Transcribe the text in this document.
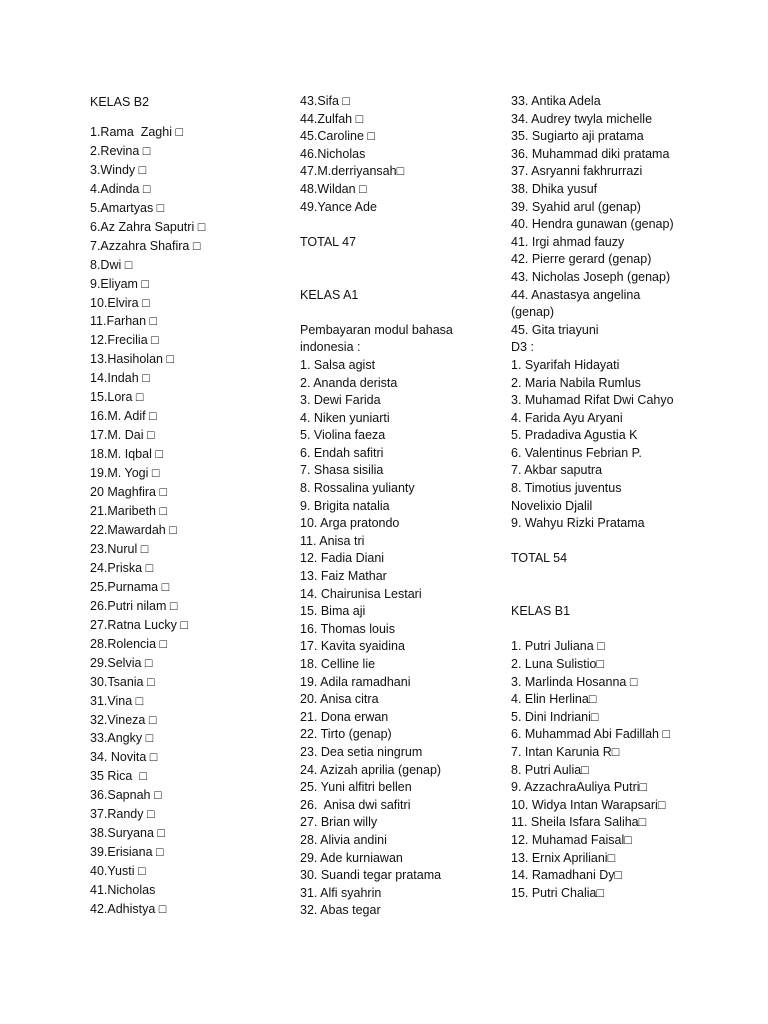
KELAS B2
1.Rama  Zaghi □
2.Revina □
3.Windy □
4.Adinda □
5.Amartyas □
6.Az Zahra Saputri □
7.Azzahra Shafira □
8.Dwi □
9.Eliyam □
10.Elvira □
11.Farhan □
12.Frecilia □
13.Hasiholan □
14.Indah □
15.Lora □
16.M. Adif □
17.M. Dai □
18.M. Iqbal □
19.M. Yogi □
20 Maghfira □
21.Maribeth □
22.Mawardah □
23.Nurul □
24.Priska □
25.Purnama □
26.Putri nilam □
27.Ratna Lucky □
28.Rolencia □
29.Selvia □
30.Tsania □
31.Vina □
32.Vineza □
33.Angky □
34. Novita □
35 Rica  □
36.Sapnah □
37.Randy □
38.Suryana □
39.Erisiana □
40.Yusti □
41.Nicholas
42.Adhistya □
43.Sifa □
44.Zulfah □
45.Caroline □
46.Nicholas
47.M.derriyansah□
48.Wildan □
49.Yance Ade
TOTAL 47
KELAS A1
Pembayaran modul bahasa
indonesia :
1. Salsa agist
2. Ananda derista
3. Dewi Farida
4. Niken yuniarti
5. Violina faeza
6. Endah safitri
7. Shasa sisilia
8. Rossalina yulianty
9. Brigita natalia
10. Arga pratondo
11. Anisa tri
12. Fadia Diani
13. Faiz Mathar
14. Chairunisa Lestari
15. Bima aji
16. Thomas louis
17. Kavita syaidina
18. Celline lie
19. Adila ramadhani
20. Anisa citra
21. Dona erwan
22. Tirto (genap)
23. Dea setia ningrum
24. Azizah aprilia (genap)
25. Yuni alfitri bellen
26.  Anisa dwi safitri
27. Brian willy
28. Alivia andini
29. Ade kurniawan
30. Suandi tegar pratama
31. Alfi syahrin
32. Abas tegar
33. Antika Adela
34. Audrey twyla michelle
35. Sugiarto aji pratama
36. Muhammad diki pratama
37. Asryanni fakhrurrazi
38. Dhika yusuf
39. Syahid arul (genap)
40. Hendra gunawan (genap)
41. Irgi ahmad fauzy
42. Pierre gerard (genap)
43. Nicholas Joseph (genap)
44. Anastasya angelina
(genap)
45. Gita triayuni
D3 :
1. Syarifah Hidayati
2. Maria Nabila Rumlus
3. Muhamad Rifat Dwi Cahyo
4. Farida Ayu Aryani
5. Pradadiva Agustia K
6. Valentinus Febrian P.
7. Akbar saputra
8. Timotius juventus
Novelixio Djalil
9. Wahyu Rizki Pratama
TOTAL 54
KELAS B1
1. Putri Juliana □
2. Luna Sulistio□
3. Marlinda Hosanna □
4. Elin Herlina□
5. Dini Indriani□
6. Muhammad Abi Fadillah □
7. Intan Karunia R□
8. Putri Aulia□
9. AzzachraAuliya Putri□
10. Widya Intan Warapsari□
11. Sheila Isfara Saliha□
12. Muhamad Faisal□
13. Ernix Apriliani□
14. Ramadhani Dy□
15. Putri Chalia□
